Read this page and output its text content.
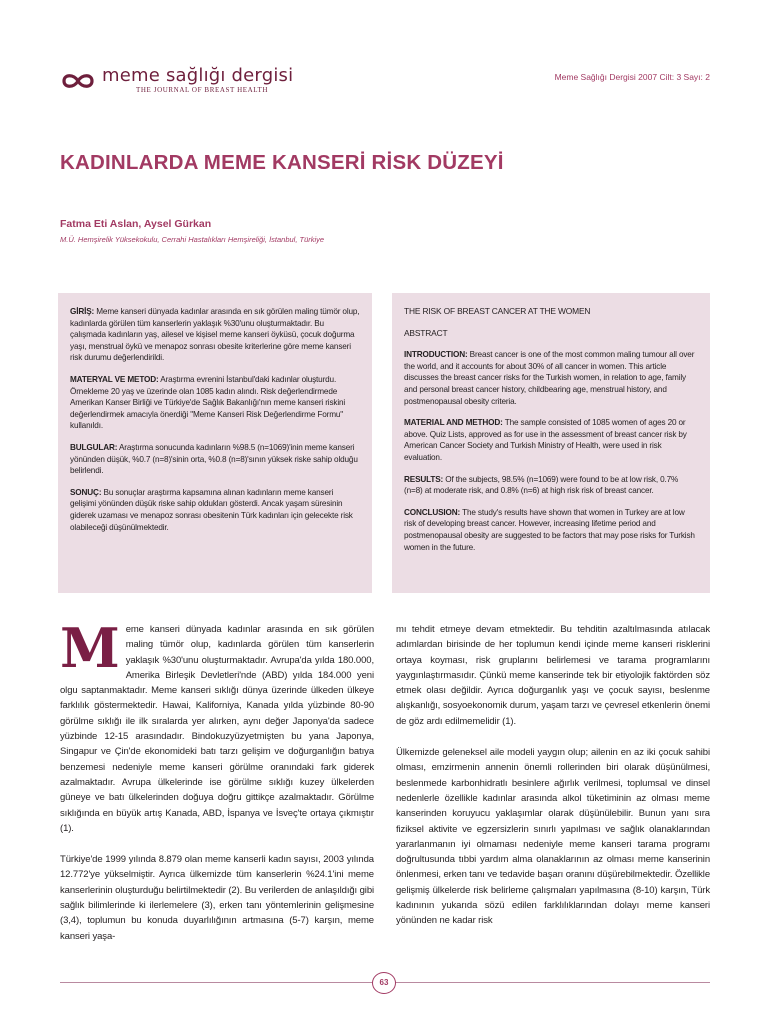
meme sağlığı dergisi
THE JOURNAL OF BREAST HEALTH
Meme Sağlığı Dergisi 2007 Cilt: 3 Sayı: 2
KADINLARDA MEME KANSERİ RİSK DÜZEYİ
Fatma Eti Aslan, Aysel Gürkan
M.Ü. Hemşirelik Yüksekokulu, Cerrahi Hastalıkları Hemşireliği, İstanbul, Türkiye

GİRİŞ: Meme kanseri dünyada kadınlar arasında en sık görülen maling tümör olup, kadınlarda görülen tüm kanserlerin yaklaşık %30'unu oluşturmaktadır. Bu çalışmada kadınların yaş, ailesel ve kişisel meme kanseri öyküsü, çocuk doğurma yaşı, menstrual öykü ve menapoz sonrası obesite kriterlerine göre meme kanseri risk durumu değerlendirildi.

MATERYAL VE METOD: Araştırma evrenini İstanbul'daki kadınlar oluşturdu. Örnekleme 20 yaş ve üzerinde olan 1085 kadın alındı. Risk değerlendirmede Amerikan Kanser Birliği ve Türkiye'de Sağlık Bakanlığı'nın meme kanseri riskini değerlendirmek amacıyla önerdiği "Meme Kanseri Risk Değerlendirme Formu" kullanıldı.

BULGULAR: Araştırma sonucunda kadınların %98.5 (n=1069)'inin meme kanseri yönünden düşük, %0.7 (n=8)'sinin orta, %0.8 (n=8)'sının yüksek riske sahip olduğu belirlendi.

SONUÇ: Bu sonuçlar araştırma kapsamına alınan kadınların meme kanseri gelişimi yönünden düşük riske sahip oldukları gösterdi. Ancak yaşam süresinin giderek uzaması ve menapoz sonrası obesitenin Türk kadınları için gelecekte risk olabileceği düşünülmektedir.

THE RISK OF BREAST CANCER AT THE WOMEN

ABSTRACT

INTRODUCTION: Breast cancer is one of the most common maling tumour all over the world, and it accounts for about 30% of all cancer in women. This article discusses the breast cancer risks for the Turkish women, in relation to age, family and personal breast cancer history, childbearing age, menstrual history, and postmenopausal obesity criteria.

MATERIAL AND METHOD: The sample consisted of 1085 women of ages 20 or above. Quiz Lists, approved as for use in the assessment of breast cancer risk by American Cancer Society and Turkish Ministry of Health, were used in risk evaluation.

RESULTS: Of the subjects, 98.5% (n=1069) were found to be at low risk, 0.7% (n=8) at moderate risk, and 0.8% (n=6) at high risk risk of breast cancer.

CONCLUSION: The study's results have shown that women in Turkey are at low risk of developing breast cancer. However, increasing lifetime period and postmenopausal obesity are suggested to be factors that may pose risks for Turkish women in the future.

Meme kanseri dünyada kadınlar arasında en sık görülen maling tümör olup, kadınlarda görülen tüm kanserlerin yaklaşık %30'unu oluşturmaktadır. Avrupa'da yılda 180.000, Amerika Birleşik Devletleri'nde (ABD) yılda 184.000 yeni olgu saptanmaktadır. Meme kanseri sıklığı dünya üzerinde ülkeden ülkeye farklılık göstermektedir. Hawai, Kaliforniya, Kanada yılda yüzbinde 80-90 görülme sıklığı ile ilk sıralarda yer alırken, aynı değer Japonya'da sadece yüzbinde 12-15 arasındadır. Bindokuzyüzyetmişten bu yana Japonya, Singapur ve Çin'de ekonomideki batı tarzı gelişim ve doğurganlığın batıya benzemesi nedeniyle meme kanseri görülme oranındaki fark giderek azalmaktadır. Avrupa ülkelerinde ise görülme sıklığı kuzey ülkelerden güneye ve batı ülkelerinden doğuya doğru gittikçe azalmaktadır. Görülme sıklığında en büyük artış Kanada, ABD, İspanya ve İsveç'te ortaya çıkmıştır (1).

Türkiye'de 1999 yılında 8.879 olan meme kanserli kadın sayısı, 2003 yılında 12.772'ye yükselmiştir. Ayrıca ülkemizde tüm kanserlerin %24.1'ini meme kanserlerinin oluşturduğu belirtilmektedir (2). Bu verilerden de anlaşıldığı gibi sağlık bilimlerinde ki ilerlemelere (3), erken tanı yöntemlerinin gelişmesine (3,4), toplumun bu konuda duyarlılığının artmasına (5-7) karşın, meme kanseri yaşa-

mı tehdit etmeye devam etmektedir. Bu tehditin azaltılmasında atılacak adımlardan birisinde de her toplumun kendi içinde meme kanseri risklerini ortaya koyması, risk gruplarını belirlemesi ve tarama programlarını yaygınlaştırmasıdır. Çünkü meme kanserinde tek bir etiyolojik faktörden söz etmek olası değildir. Ayrıca doğurganlık yaşı ve çocuk sayısı, beslenme alışkanlığı, sosyoekonomik durum, yaşam tarzı ve çevresel etkenlerin önemi de göz ardı edilmemelidir (1).

Ülkemizde geleneksel aile modeli yaygın olup; ailenin en az iki çocuk sahibi olması, emzirmenin annenin önemli rollerinden biri olarak düşünülmesi, beslenmede karbonhidratlı besinlere ağırlık verilmesi, toplumsal ve dinsel nedenlerle özellikle kadınlar arasında alkol tüketiminin az olması meme kanserinden koruyucu yaklaşımlar olarak düşünülebilir. Bunun yanı sıra fiziksel aktivite ve egzersizlerin sınırlı yapılması ve sağlık olanaklarından yararlanmanın iyi olmaması nedeniyle meme kanseri tarama programı doğrultusunda tıbbi yardım alma olanaklarının az olması meme kanserinin önlenmesi, erken tanı ve tedavide başarı oranını düşürebilmektedir. Özellikle gelişmiş ülkelerde risk belirleme çalışmaları yapılmasına (8-10) karşın, Türk kadınının yukarıda sözü edilen farklılıklarından dolayı meme kanseri yönünden ne kadar risk

63
